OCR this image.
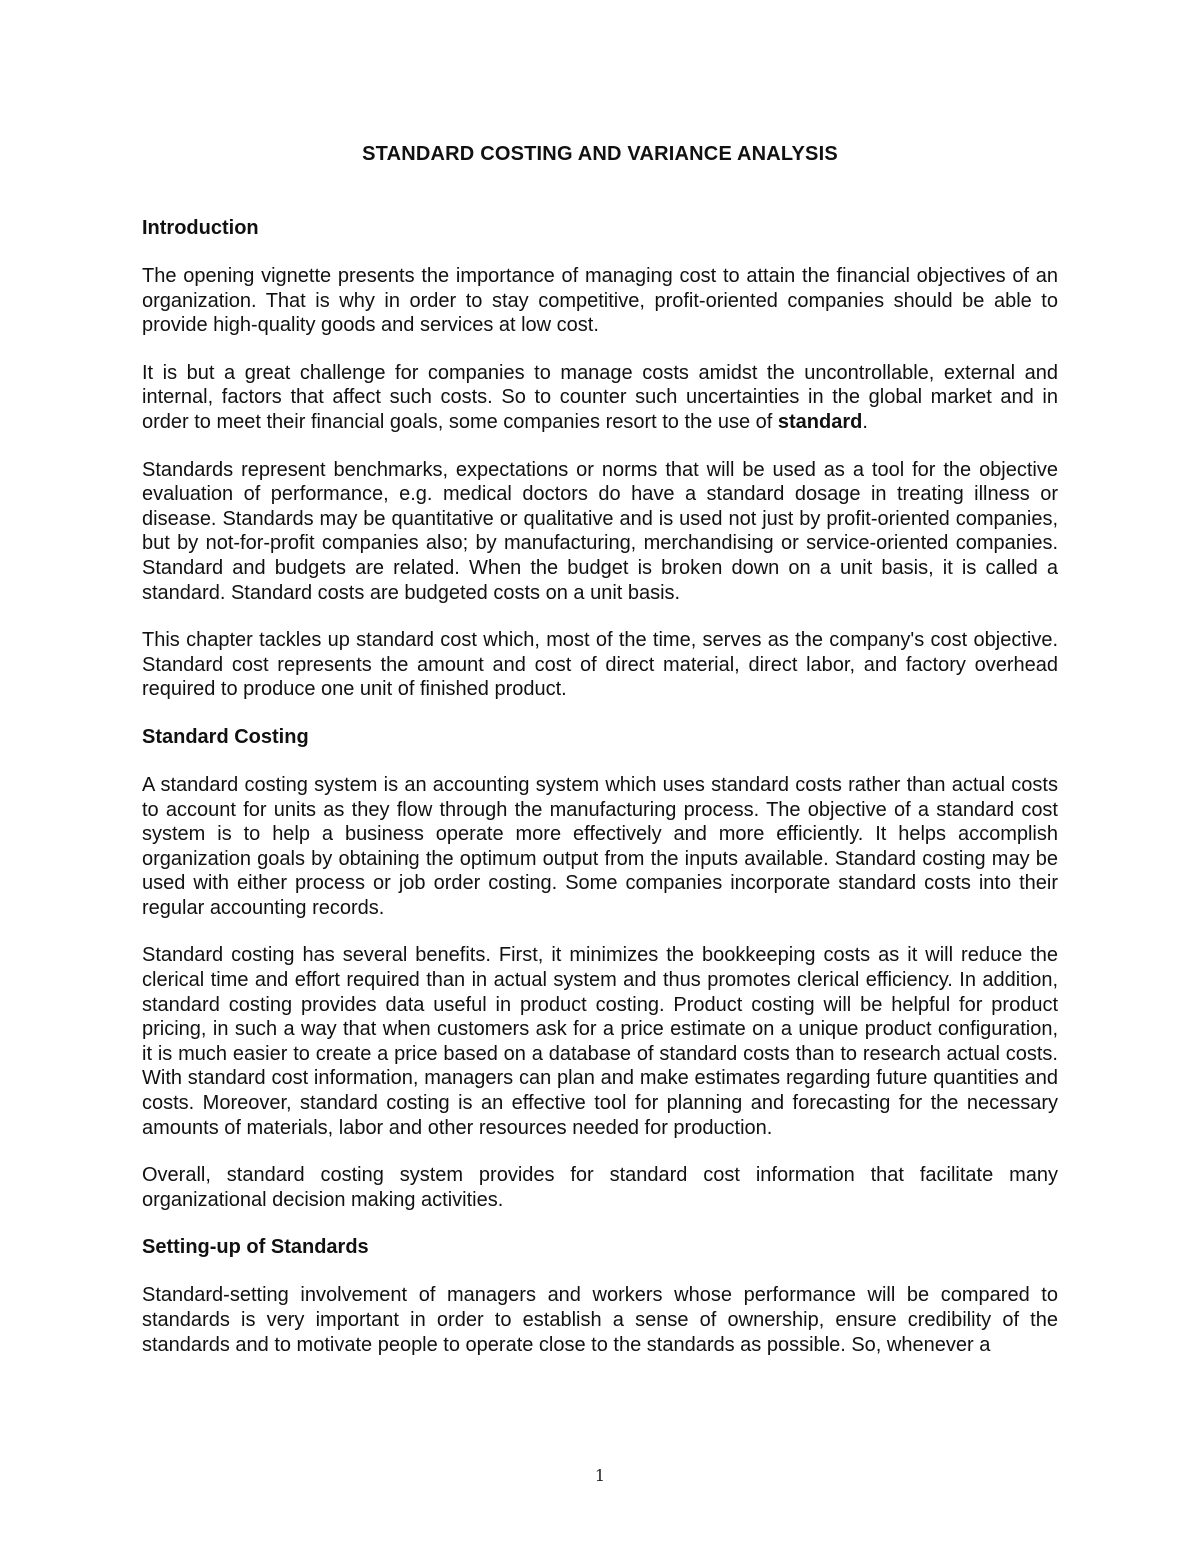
STANDARD COSTING AND VARIANCE ANALYSIS
Introduction

The opening vignette presents the importance of managing cost to attain the financial objectives of an organization. That is why in order to stay competitive, profit-oriented companies should be able to provide high-quality goods and services at low cost.

It is but a great challenge for companies to manage costs amidst the uncontrollable, external and internal, factors that affect such costs. So to counter such uncertainties in the global market and in order to meet their financial goals, some companies resort to the use of standard.

Standards represent benchmarks, expectations or norms that will be used as a tool for the objective evaluation of performance, e.g. medical doctors do have a standard dosage in treating illness or disease. Standards may be quantitative or qualitative and is used not just by profit-oriented companies, but by not-for-profit companies also; by manufacturing, merchandising or service-oriented companies. Standard and budgets are related. When the budget is broken down on a unit basis, it is called a standard. Standard costs are budgeted costs on a unit basis.

This chapter tackles up standard cost which, most of the time, serves as the company's cost objective. Standard cost represents the amount and cost of direct material, direct labor, and factory overhead required to produce one unit of finished product.

Standard Costing

A standard costing system is an accounting system which uses standard costs rather than actual costs to account for units as they flow through the manufacturing process. The objective of a standard cost system is to help a business operate more effectively and more efficiently. It helps accomplish organization goals by obtaining the optimum output from the inputs available. Standard costing may be used with either process or job order costing. Some companies incorporate standard costs into their regular accounting records.

Standard costing has several benefits. First, it minimizes the bookkeeping costs as it will reduce the clerical time and effort required than in actual system and thus promotes clerical efficiency. In addition, standard costing provides data useful in product costing. Product costing will be helpful for product pricing, in such a way that when customers ask for a price estimate on a unique product configuration, it is much easier to create a price based on a database of standard costs than to research actual costs. With standard cost information, managers can plan and make estimates regarding future quantities and costs. Moreover, standard costing is an effective tool for planning and forecasting for the necessary amounts of materials, labor and other resources needed for production.

Overall, standard costing system provides for standard cost information that facilitate many organizational decision making activities.

Setting-up of Standards

Standard-setting involvement of managers and workers whose performance will be compared to standards is very important in order to establish a sense of ownership, ensure credibility of the standards and to motivate people to operate close to the standards as possible. So, whenever a

1
